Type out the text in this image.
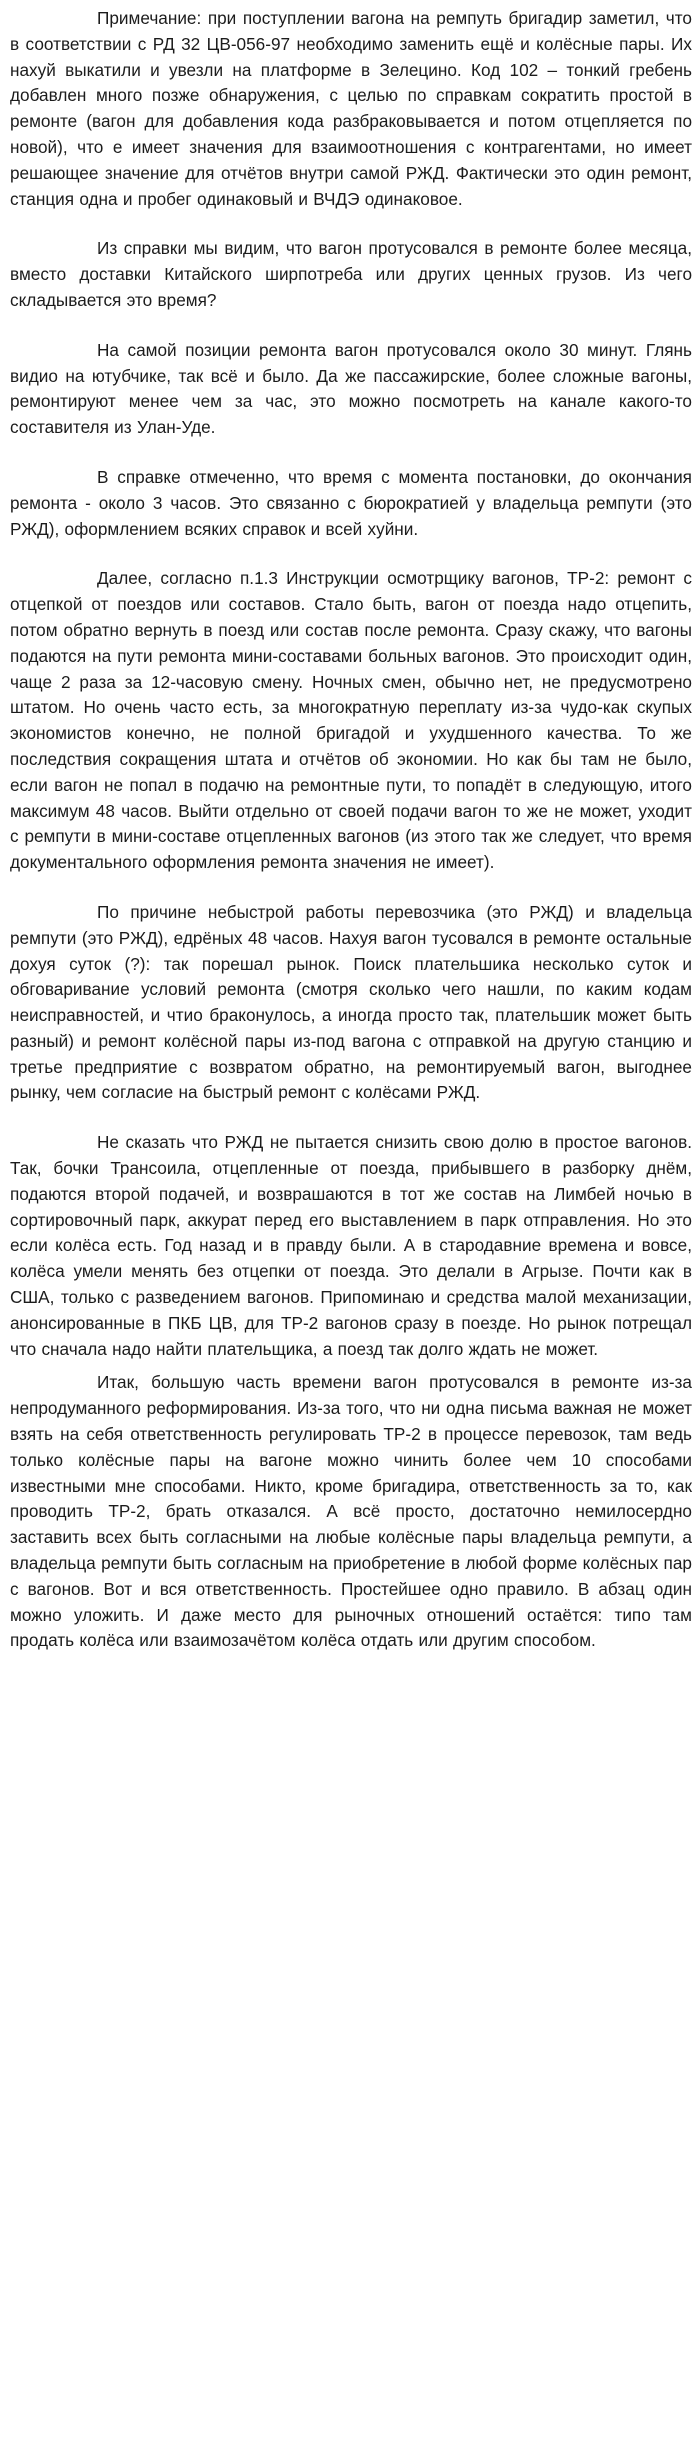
Примечание: при поступлении вагона на ремпуть бригадир заметил, что в соответствии с РД 32 ЦВ-056-97 необходимо заменить ещё и колёсные пары. Их нахуй выкатили и увезли на платформе в Зелецино. Код 102 – тонкий гребень добавлен много позже обнаружения, с целью по справкам сократить простой в ремонте (вагон для добавления кода разбраковывается и потом отцепляется по новой), что е имеет значения для взаимоотношения с контрагентами, но имеет решающее значение для отчётов внутри самой РЖД. Фактически это один ремонт, станция одна и пробег одинаковый и ВЧДЭ одинаковое.

Из справки мы видим, что вагон протусовался в ремонте более месяца, вместо доставки Китайского ширпотреба или других ценных грузов. Из чего складывается это время?

На самой позиции ремонта вагон протусовался около 30 минут. Глянь видио на ютубчике, так всё и было. Да же пассажирские, более сложные вагоны, ремонтируют менее чем за час, это можно посмотреть на канале какого-то составителя из Улан-Уде.

В справке отмеченно, что время с момента постановки, до окончания ремонта - около 3 часов. Это связанно с бюрократией у владельца ремпути (это РЖД), оформлением всяких справок и всей хуйни.

Далее, согласно п.1.3 Инструкции осмотрщику вагонов, ТР-2: ремонт с отцепкой от поездов или составов. Стало быть, вагон от поезда надо отцепить, потом обратно вернуть в поезд или состав после ремонта. Сразу скажу, что вагоны подаются на пути ремонта мини-составами больных вагонов. Это происходит один, чаще 2 раза за 12-часовую смену. Ночных смен, обычно нет, не предусмотрено штатом. Но очень часто есть, за многократную переплату из-за чудо-как скупых экономистов конечно, не полной бригадой и ухудшенного качества. То же последствия сокращения штата и отчётов об экономии. Но как бы там не было, если вагон не попал в подачю на ремонтные пути, то попадёт в следующую, итого максимум 48 часов. Выйти отдельно от своей подачи вагон то же не может, уходит с ремпути в мини-составе отцепленных вагонов (из этого так же следует, что время документального оформления ремонта значения не имеет).

По причине небыстрой работы перевозчика (это РЖД) и владельца ремпути (это РЖД), едрёных 48 часов. Нахуя вагон тусовался в ремонте остальные дохуя суток (?): так порешал рынок. Поиск плательшика несколько суток и обговаривание условий ремонта (смотря сколько чего нашли, по каким кодам неисправностей, и чтио браконулось, а иногда просто так, плательшик может быть разный) и ремонт колёсной пары из-под вагона с отправкой на другую станцию и третье предприятие с возвратом обратно, на ремонтируемый вагон, выгоднее рынку, чем согласие на быстрый ремонт с колёсами РЖД.

Не сказать что РЖД не пытается снизить свою долю в простое вагонов. Так, бочки Трансоила, отцепленные от поезда, прибывшего в разборку днём, подаются второй подачей, и возврашаются в тот же состав на Лимбей ночью в сортировочный парк, аккурат перед его выставлением в парк отправления. Но это если колёса есть. Год назад и в правду были. А в стародавние времена и вовсе, колёса умели менять без отцепки от поезда. Это делали в Агрызе. Почти как в США, только с разведением вагонов. Припоминаю и средства малой механизации, анонсированные в ПКБ ЦВ, для ТР-2 вагонов сразу в поезде. Но рынок потрещал что сначала надо найти плательщика, а поезд так долго ждать не может.

Итак, большую часть времени вагон протусовался в ремонте из-за непродуманного реформирования. Из-за того, что ни одна письма важная не может взять на себя ответственность регулировать ТР-2 в процессе перевозок, там ведь только колёсные пары на вагоне можно чинить более чем 10 способами известными мне способами. Никто, кроме бригадира, ответственность за то, как проводить ТР-2, брать отказался. А всё просто, достаточно немилосердно заставить всех быть согласными на любые колёсные пары владельца ремпути, а владельца ремпути быть согласным на приобретение в любой форме колёсных пар с вагонов. Вот и вся ответственность. Простейшее одно правило. В абзац один можно уложить. И даже место для рыночных отношений остаётся: типо там продать колёса или взаимозачётом колёса отдать или другим способом.
